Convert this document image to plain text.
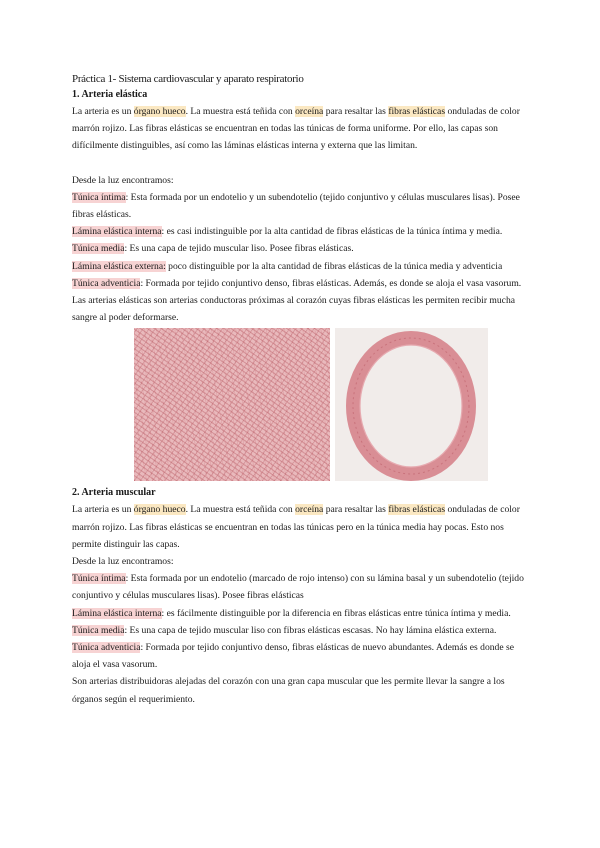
Práctica 1- Sistema cardiovascular y aparato respiratorio

1. Arteria elástica

La arteria es un órgano hueco. La muestra está teñida con orceína para resaltar las fibras elásticas onduladas de color marrón rojizo. Las fibras elásticas se encuentran en todas las túnicas de forma uniforme. Por ello, las capas son difícilmente distinguibles, así como las láminas elásticas interna y externa que las limitan.

Desde la luz encontramos:

Túnica íntima: Esta formada por un endotelio y un subendotelio (tejido conjuntivo y células musculares lisas). Posee fibras elásticas.

Lámina elástica interna: es casi indistinguible por la alta cantidad de fibras elásticas de la túnica íntima y media.

Túnica media: Es una capa de tejido muscular liso. Posee fibras elásticas.

Lámina elástica externa: poco distinguible por la alta cantidad de fibras elásticas de la túnica media y adventicia

Túnica adventicia: Formada por tejido conjuntivo denso, fibras elásticas. Además, es donde se aloja el vasa vasorum.

Las arterias elásticas son arterias conductoras próximas al corazón cuyas fibras elásticas les permiten recibir mucha sangre al poder deformarse.

2. Arteria muscular

La arteria es un órgano hueco. La muestra está teñida con orceína para resaltar las fibras elásticas onduladas de color marrón rojizo. Las fibras elásticas se encuentran en todas las túnicas pero en la túnica media hay pocas. Esto nos permite distinguir las capas.

Desde la luz encontramos:

Túnica íntima: Esta formada por un endotelio (marcado de rojo intenso) con su lámina basal y un subendotelio (tejido conjuntivo y células musculares lisas). Posee fibras elásticas

Lámina elástica interna: es fácilmente distinguible por la diferencia en fibras elásticas entre túnica íntima y media.

Túnica media: Es una capa de tejido muscular liso con fibras elásticas escasas. No hay lámina elástica externa.

Túnica adventicia: Formada por tejido conjuntivo denso, fibras elásticas de nuevo abundantes. Además es donde se aloja el vasa vasorum.

Son arterias distribuidoras alejadas del corazón con una gran capa muscular que les permite llevar la sangre a los órganos según el requerimiento.
